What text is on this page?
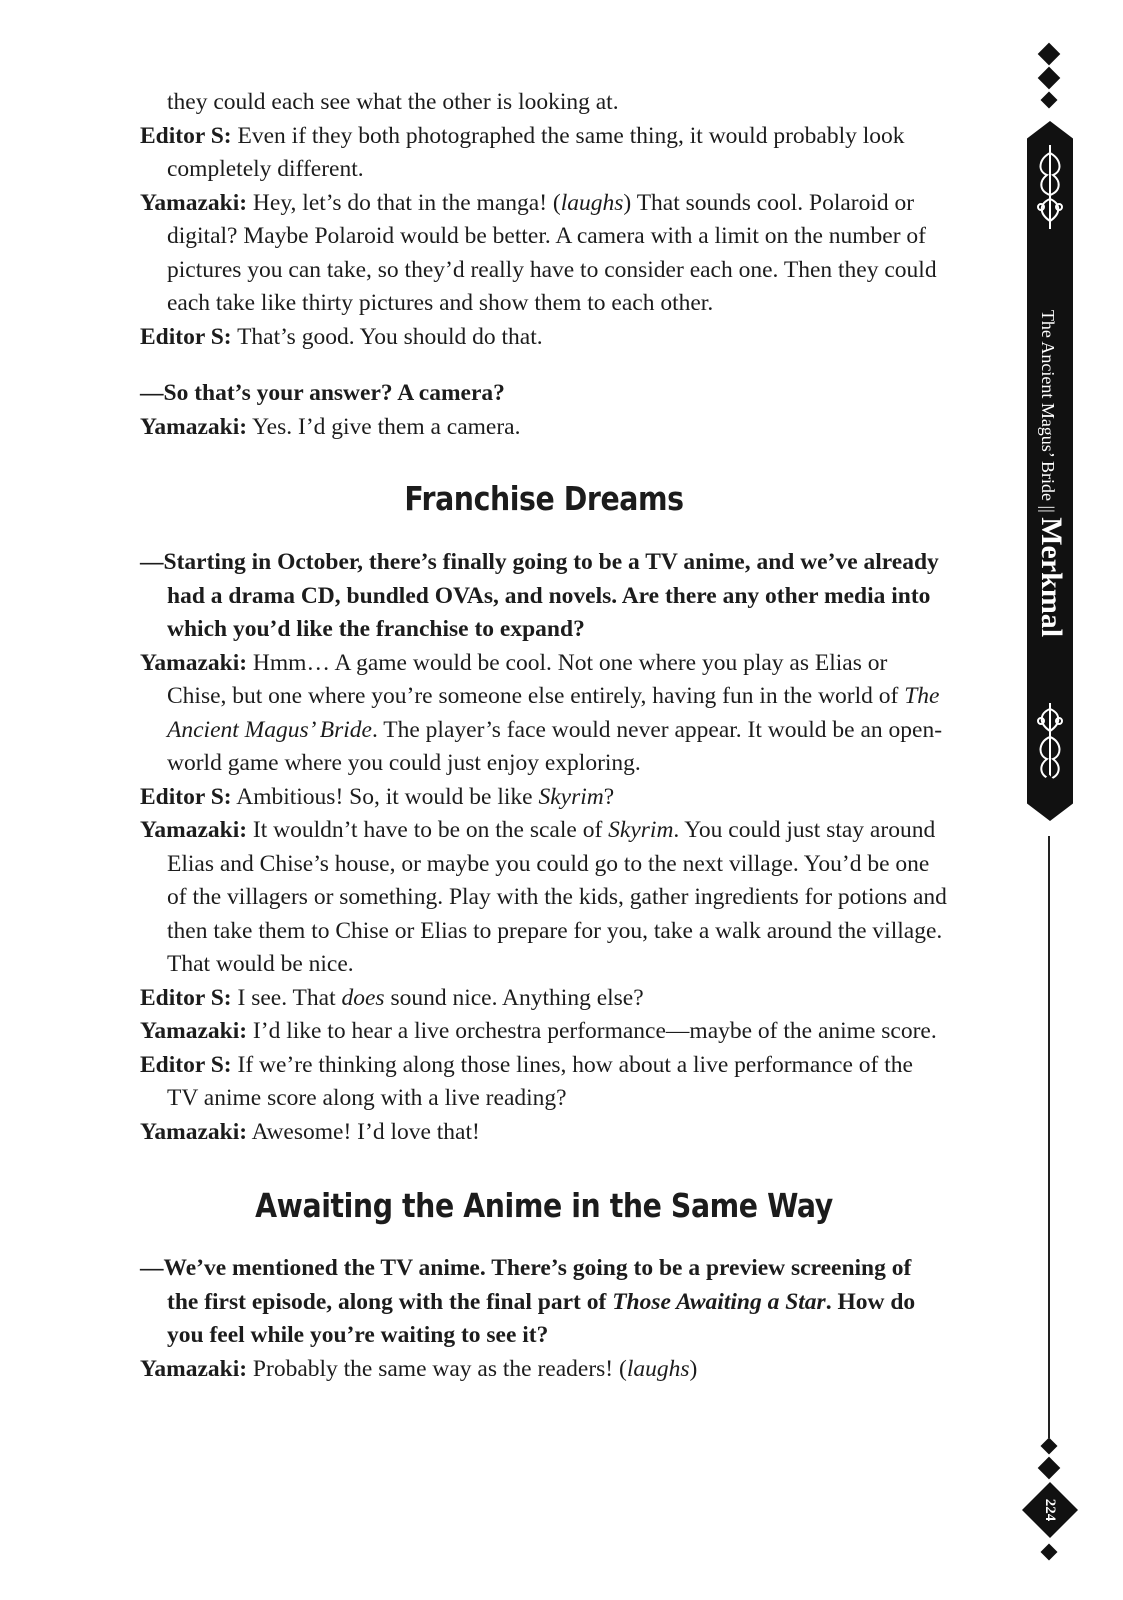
they could each see what the other is looking at.

Editor S: Even if they both photographed the same thing, it would probably look completely different.

Yamazaki: Hey, let’s do that in the manga! (laughs) That sounds cool. Polaroid or digital? Maybe Polaroid would be better. A camera with a limit on the number of pictures you can take, so they’d really have to consider each one. Then they could each take like thirty pictures and show them to each other.

Editor S: That’s good. You should do that.

—So that’s your answer? A camera?

Yamazaki: Yes. I’d give them a camera.

Franchise Dreams

—Starting in October, there’s finally going to be a TV anime, and we’ve already had a drama CD, bundled OVAs, and novels. Are there any other media into which you’d like the franchise to expand?

Yamazaki: Hmm… A game would be cool. Not one where you play as Elias or Chise, but one where you’re someone else entirely, having fun in the world of The Ancient Magus’ Bride. The player’s face would never appear. It would be an open-world game where you could just enjoy exploring.

Editor S: Ambitious! So, it would be like Skyrim?

Yamazaki: It wouldn’t have to be on the scale of Skyrim. You could just stay around Elias and Chise’s house, or maybe you could go to the next village. You’d be one of the villagers or something. Play with the kids, gather ingredients for potions and then take them to Chise or Elias to prepare for you, take a walk around the village. That would be nice.

Editor S: I see. That does sound nice. Anything else?

Yamazaki: I’d like to hear a live orchestra performance—maybe of the anime score.

Editor S: If we’re thinking along those lines, how about a live performance of the TV anime score along with a live reading?

Yamazaki: Awesome! I’d love that!

Awaiting the Anime in the Same Way

—We’ve mentioned the TV anime. There’s going to be a preview screening of the first episode, along with the final part of Those Awaiting a Star. How do you feel while you’re waiting to see it?

Yamazaki: Probably the same way as the readers! (laughs)

The Ancient Magus’ Bride || Merkmal
224
